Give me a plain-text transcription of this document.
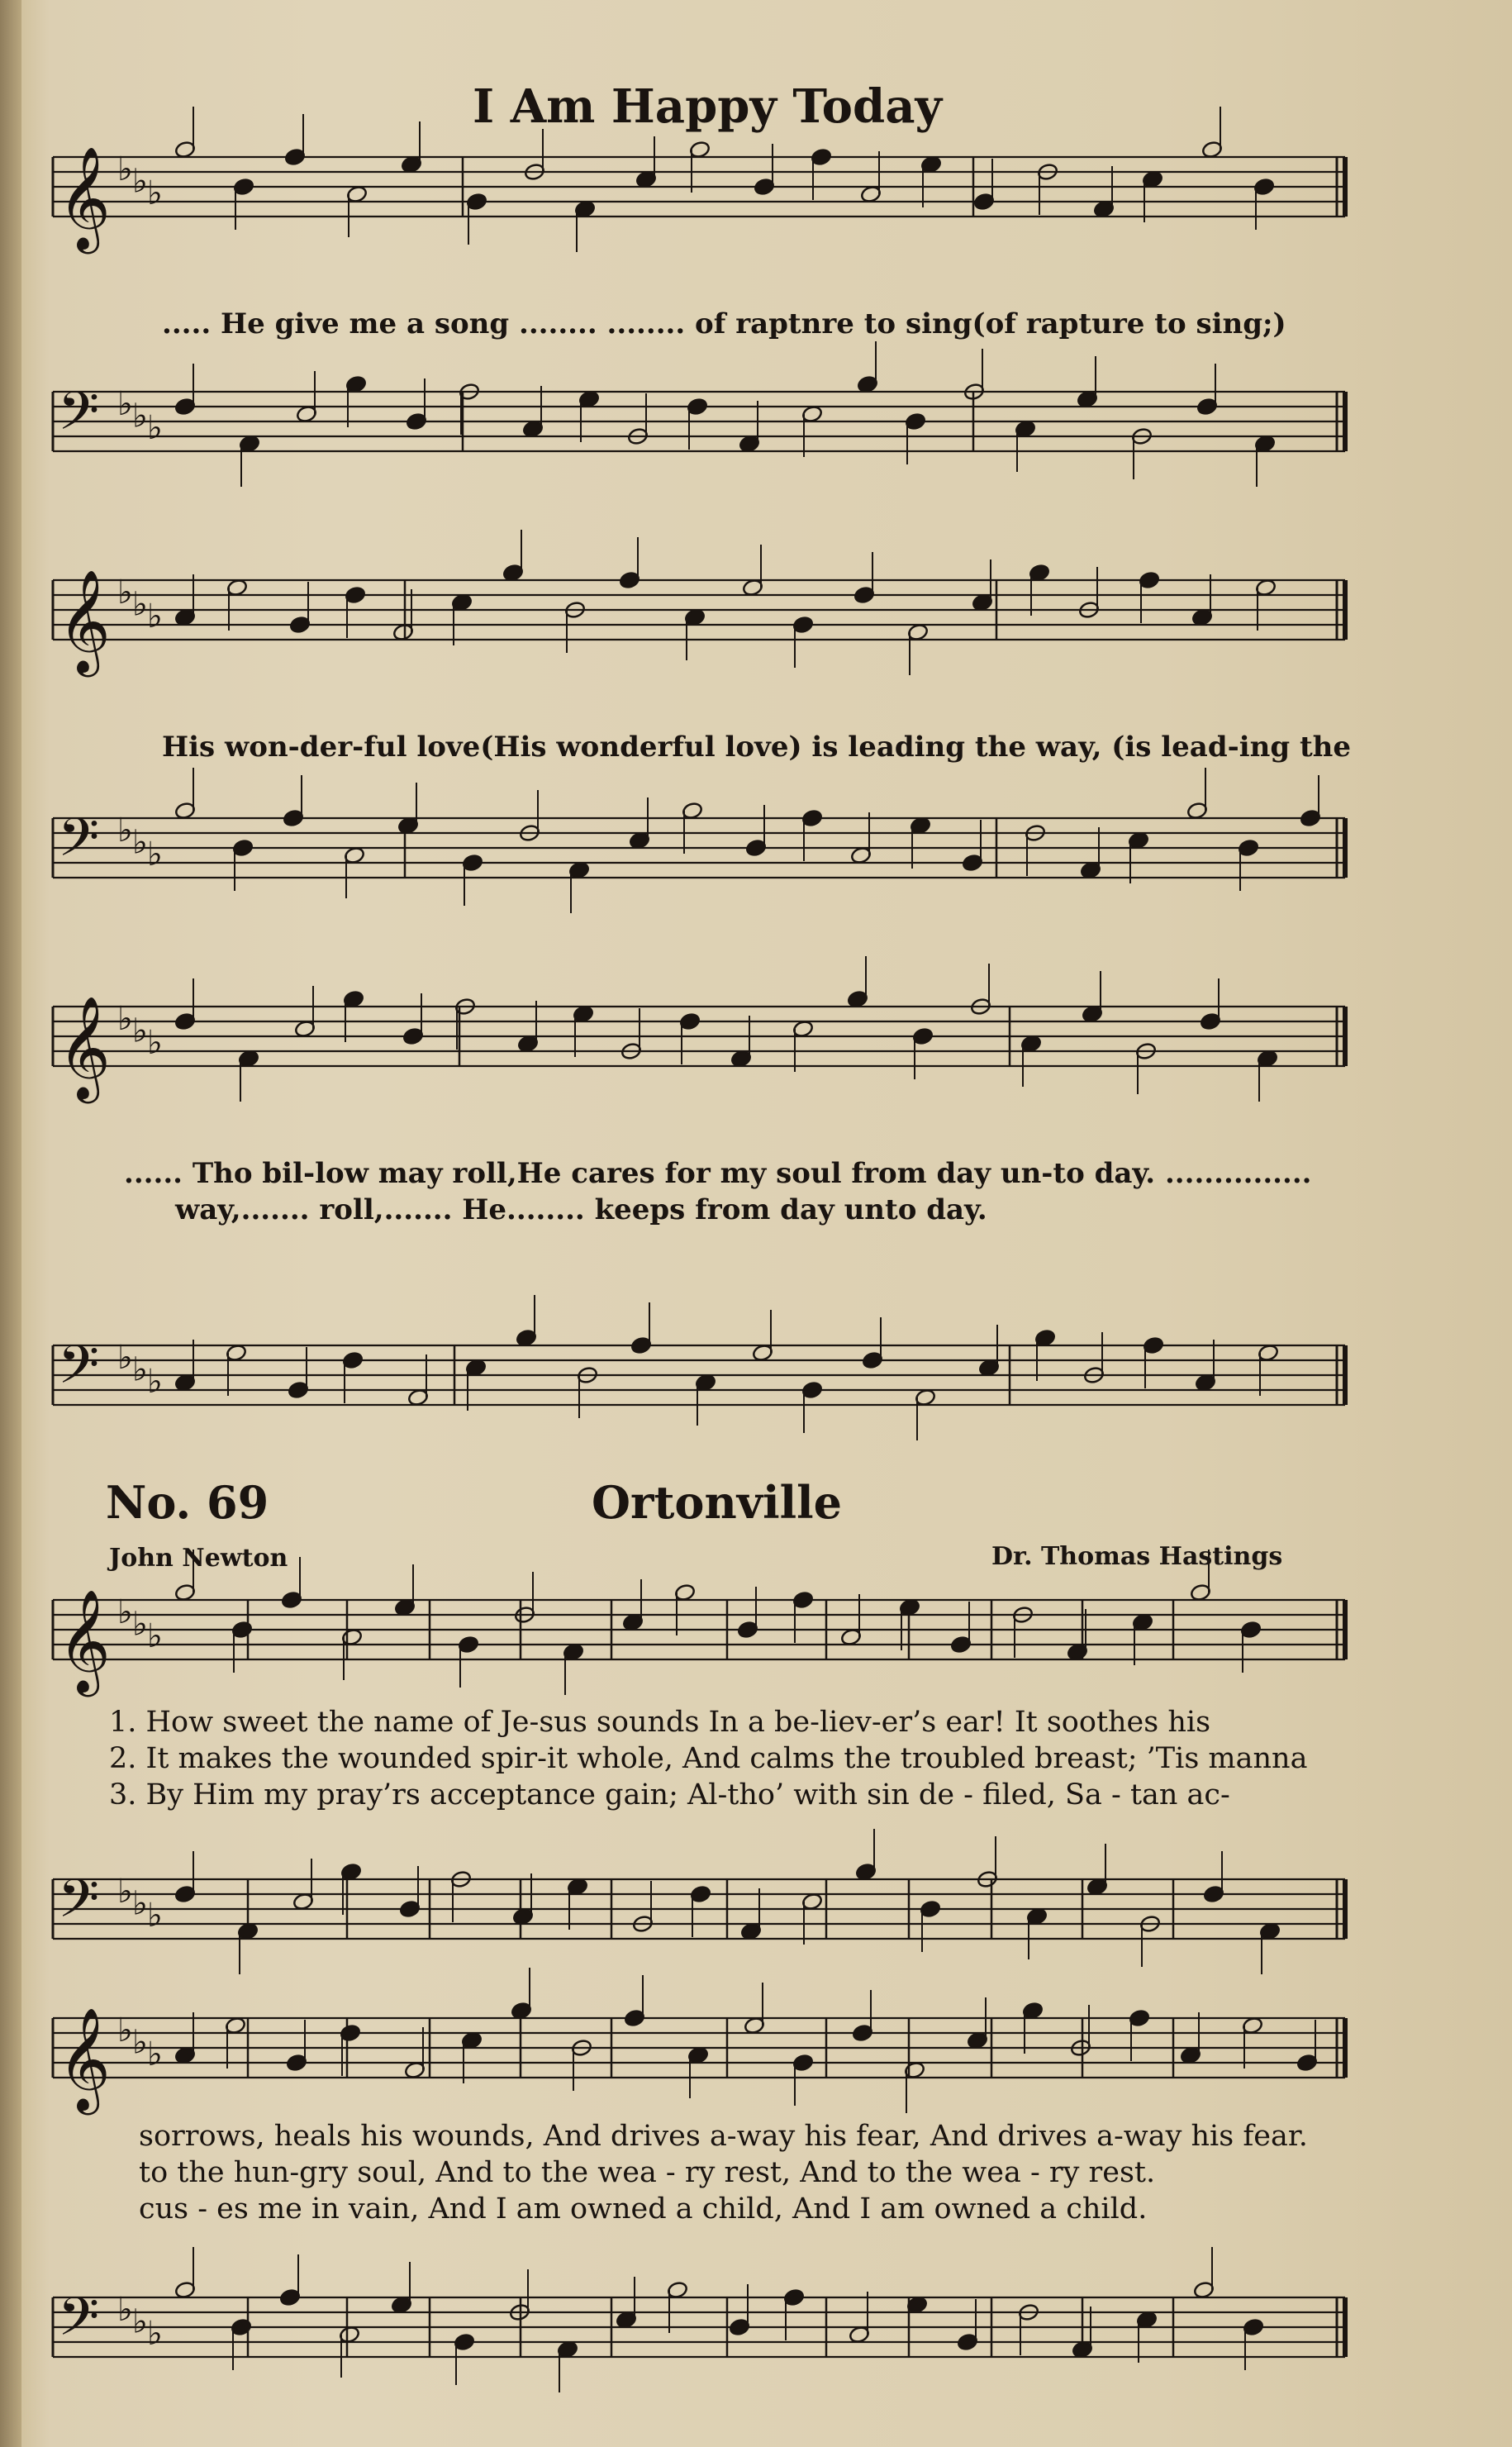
𝄞 ♭ ♭ ♭
𝄢 ♭ ♭ ♭
𝄞 ♭ ♭ ♭
𝄢 ♭ ♭ ♭
𝄞 ♭ ♭ ♭
𝄢 ♭ ♭ ♭
𝄞 ♭ ♭ ♭
𝄢 ♭ ♭ ♭
𝄞 ♭ ♭ ♭
𝄢 ♭ ♭ ♭
I Am Happy Today
..... He give me a song ........ ........ of raptnre to sing(of rapture to sing;)
His won-der-ful love(His wonderful love) is leading the way, (is lead-ing the
...... Tho bil-low may roll,He cares for my soul from day un-to day. ...............
way,....... roll,....... He........ keeps from day unto day.
No. 69	Ortonville
John Newton	Dr. Thomas Hastings
1. How sweet the name of Je-sus sounds In a be-liev-er’s ear! It soothes his
2. It makes the wounded spir-it whole, And calms the troubled breast; ’Tis manna
3. By Him my pray’rs acceptance gain; Al-tho’ with sin de - filed, Sa - tan ac-
sorrows, heals his wounds, And drives a-way his fear, And drives a-way his fear.
to the hun-gry soul, And to the wea - ry rest, And to the wea - ry rest.
cus - es me in vain, And I am owned a child, And I am owned a child.
